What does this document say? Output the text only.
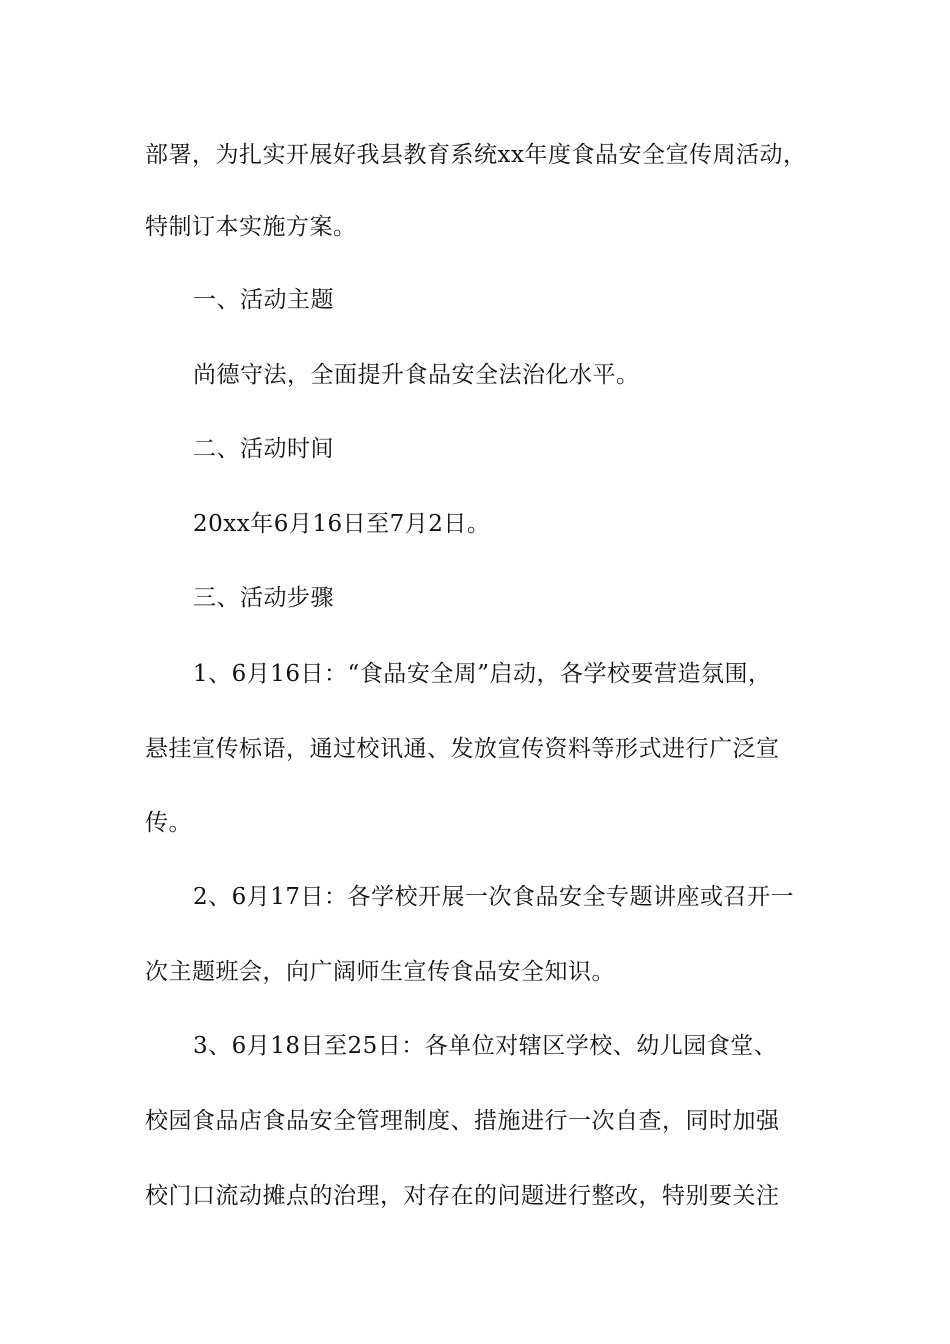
部署，为扎实开展好我县教育系统xx年度食品安全宣传周活动，
特制订本实施方案。
一、活动主题
尚德守法，全面提升食品安全法治化水平。
二、活动时间
20xx年6月16日至7月2日。
三、活动步骤
1、6月16日：“食品安全周”启动，各学校要营造氛围，
悬挂宣传标语，通过校讯通、发放宣传资料等形式进行广泛宣
传。
2、6月17日：各学校开展一次食品安全专题讲座或召开一
次主题班会，向广阔师生宣传食品安全知识。
3、6月18日至25日：各单位对辖区学校、幼儿园食堂、
校园食品店食品安全管理制度、措施进行一次自查，同时加强
校门口流动摊点的治理，对存在的问题进行整改，特别要关注
